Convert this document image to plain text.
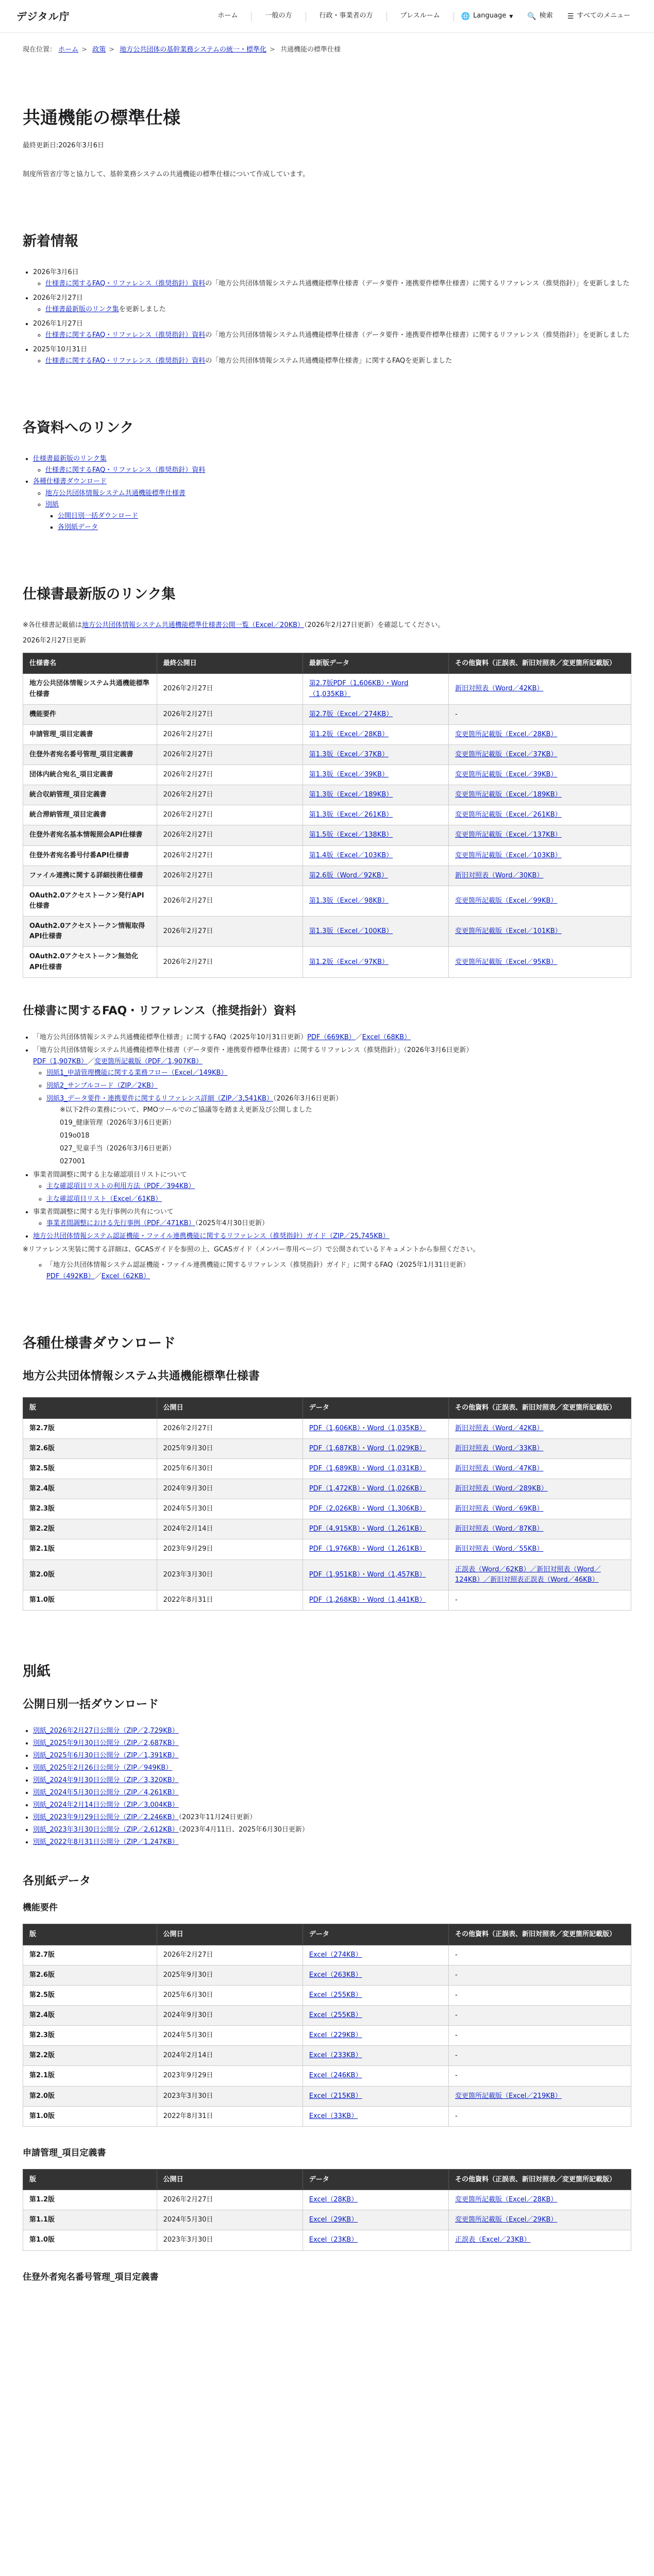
デジタル庁	ホーム	一般の方	行政・事業者の方	プレスルーム	🌐 Language ▾ 🔍 検索 ☰ すべてのメニュー
現在位置： ホーム > 政策 > 地方公共団体の基幹業務システムの統一・標準化 > 共通機能の標準仕様
共通機能の標準仕様

最終更新日:2026年3月6日

制度所管省庁等と協力して、基幹業務システムの共通機能の標準仕様について作成しています。

新着情報
• 2026年3月6日
◦ 仕様書に関するFAQ・リファレンス（推奨指針）資料の「地方公共団体情報システム共通機能標準仕様書（データ要件・連携要件標準仕様書）に関するリファレンス（推奨指針）」を更新しました
• 2026年2月27日
◦ 仕様書最新版のリンク集を更新しました
• 2026年1月27日
◦ 仕様書に関するFAQ・リファレンス（推奨指針）資料の「地方公共団体情報システム共通機能標準仕様書（データ要件・連携要件標準仕様書）に関するリファレンス（推奨指針）」を更新しました
• 2025年10月31日
◦ 仕様書に関するFAQ・リファレンス（推奨指針）資料の「地方公共団体情報システム共通機能標準仕様書」に関するFAQを更新しました
各資料へのリンク
• 仕様書最新版のリンク集
◦ 仕様書に関するFAQ・リファレンス（推奨指針）資料
• 各種仕様書ダウンロード
◦ 地方公共団体情報システム共通機能標準仕様書
◦ 別紙
▪ 公開日別一括ダウンロード
▪ 各別紙データ
仕様書最新版のリンク集

※各仕様書記載値は地方公共団体情報システム共通機能標準仕様書公開一覧（Excel／20KB）（2026年2月27日更新）を確認してください。

2026年2月27日更新

仕様書名	最終公開日	最新版データ	その他資料（正誤表、新旧対照表／変更箇所記載版）
地方公共団体情報システム共通機能標準仕様書	2026年2月27日	第2.7版PDF（1,606KB）・Word（1,035KB）	新旧対照表（Word／42KB）
機能要件	2026年2月27日	第2.7版（Excel／274KB）	-
申請管理_項目定義書	2026年2月27日	第1.2版（Excel／28KB）	変更箇所記載版（Excel／28KB）
住登外者宛名番号管理_項目定義書	2026年2月27日	第1.3版（Excel／37KB）	変更箇所記載版（Excel／37KB）
団体内統合宛名_項目定義書	2026年2月27日	第1.3版（Excel／39KB）	変更箇所記載版（Excel／39KB）
統合収納管理_項目定義書	2026年2月27日	第1.3版（Excel／189KB）	変更箇所記載版（Excel／189KB）
統合滞納管理_項目定義書	2026年2月27日	第1.3版（Excel／261KB）	変更箇所記載版（Excel／261KB）
住登外者宛名基本情報照会API仕様書	2026年2月27日	第1.5版（Excel／138KB）	変更箇所記載版（Excel／137KB）
住登外者宛名番号付番API仕様書	2026年2月27日	第1.4版（Excel／103KB）	変更箇所記載版（Excel／103KB）
ファイル連携に関する詳細技術仕様書	2026年2月27日	第2.6版（Word／92KB）	新旧対照表（Word／30KB）
OAuth2.0アクセストークン発行API仕様書	2026年2月27日	第1.3版（Excel／98KB）	変更箇所記載版（Excel／99KB）
OAuth2.0アクセストークン情報取得API仕様書	2026年2月27日	第1.3版（Excel／100KB）	変更箇所記載版（Excel／101KB）
OAuth2.0アクセストークン無効化API仕様書	2026年2月27日	第1.2版（Excel／97KB）	変更箇所記載版（Excel／95KB）
仕様書に関するFAQ・リファレンス（推奨指針）資料
• 「地方公共団体情報システム共通機能標準仕様書」に関するFAQ（2025年10月31日更新）PDF（669KB）／Excel（68KB）
• 「地方公共団体情報システム共通機能標準仕様書（データ要件・連携要件標準仕様書）に関するリファレンス（推奨指針）」（2026年3月6日更新）
PDF（1,907KB）／変更箇所記載版（PDF／1,907KB）
◦ 別紙1_申請管理機能に関する業務フロー（Excel／149KB）
◦ 別紙2_サンプルコード（ZIP／2KB）
◦ 別紙3_データ要件・連携要件に関するリファレンス詳細（ZIP／3,541KB）（2026年3月6日更新）
※以下2件の業務について、PMOツールでのご協議等を踏まえ更新及び公開しました
019_健康管理（2026年3月6日更新）
019o018
027_児童手当（2026年3月6日更新）
027001
• 事業者間調整に関する主な確認項目リストについて
◦ 主な確認項目リストの利用方法（PDF／394KB）
◦ 主な確認項目リスト（Excel／61KB）
• 事業者間調整に関する先行事例の共有について
◦ 事業者間調整における先行事例（PDF／471KB）（2025年4月30日更新）
• 地方公共団体情報システム認証機能・ファイル連携機能に関するリファレンス（推奨指針）ガイド（ZIP／25,745KB）

※リファレンス実装に関する詳細は、GCASガイドを参照の上、GCASガイド（メンバー専用ページ）で公開されているドキュメントから参照ください。

◦ 「地方公共団体情報システム認証機能・ファイル連携機能に関するリファレンス（推奨指針）ガイド」に関するFAQ（2025年1月31日更新）
PDF（492KB）／Excel（62KB）
各種仕様書ダウンロード
地方公共団体情報システム共通機能標準仕様書
版	公開日	データ	その他資料（正誤表、新旧対照表／変更箇所記載版）
第2.7版	2026年2月27日	PDF（1,606KB）・Word（1,035KB）	新旧対照表（Word／42KB）
第2.6版	2025年9月30日	PDF（1,687KB）・Word（1,029KB）	新旧対照表（Word／33KB）
第2.5版	2025年6月30日	PDF（1,689KB）・Word（1,031KB）	新旧対照表（Word／47KB）
第2.4版	2024年9月30日	PDF（1,472KB）・Word（1,026KB）	新旧対照表（Word／289KB）
第2.3版	2024年5月30日	PDF（2,026KB）・Word（1,306KB）	新旧対照表（Word／69KB）
第2.2版	2024年2月14日	PDF（4,915KB）・Word（1,261KB）	新旧対照表（Word／87KB）
第2.1版	2023年9月29日	PDF（1,976KB）・Word（1,261KB）	新旧対照表（Word／55KB）
第2.0版	2023年3月30日	PDF（1,951KB）・Word（1,457KB）	正誤表（Word／62KB）／新旧対照表（Word／124KB）／新旧対照表正誤表（Word／46KB）
第1.0版	2022年8月31日	PDF（1,268KB）・Word（1,441KB）	-
別紙
公開日別一括ダウンロード
• 別紙_2026年2月27日公開分（ZIP／2,729KB）
• 別紙_2025年9月30日公開分（ZIP／2,687KB）
• 別紙_2025年6月30日公開分（ZIP／1,391KB）
• 別紙_2025年2月26日公開分（ZIP／949KB）
• 別紙_2024年9月30日公開分（ZIP／3,320KB）
• 別紙_2024年5月30日公開分（ZIP／4,261KB）
• 別紙_2024年2月14日公開分（ZIP／3,004KB）
• 別紙_2023年9月29日公開分（ZIP／2,246KB）（2023年11月24日更新）
• 別紙_2023年3月30日公開分（ZIP／2,612KB）（2023年4月11日、2025年6月30日更新）
• 別紙_2022年8月31日公開分（ZIP／1,247KB）
各別紙データ
機能要件
版	公開日	データ	その他資料（正誤表、新旧対照表／変更箇所記載版）
第2.7版	2026年2月27日	Excel（274KB）	-
第2.6版	2025年9月30日	Excel（263KB）	-
第2.5版	2025年6月30日	Excel（255KB）	-
第2.4版	2024年9月30日	Excel（255KB）	-
第2.3版	2024年5月30日	Excel（229KB）	-
第2.2版	2024年2月14日	Excel（233KB）	-
第2.1版	2023年9月29日	Excel（246KB）	-
第2.0版	2023年3月30日	Excel（215KB）	変更箇所記載版（Excel／219KB）
第1.0版	2022年8月31日	Excel（33KB）	-
申請管理_項目定義書
版	公開日	データ	その他資料（正誤表、新旧対照表／変更箇所記載版）
第1.2版	2026年2月27日	Excel（28KB）	変更箇所記載版（Excel／28KB）
第1.1版	2024年5月30日	Excel（29KB）	変更箇所記載版（Excel／29KB）
第1.0版	2023年3月30日	Excel（23KB）	正誤表（Excel／23KB）
住登外者宛名番号管理_項目定義書
